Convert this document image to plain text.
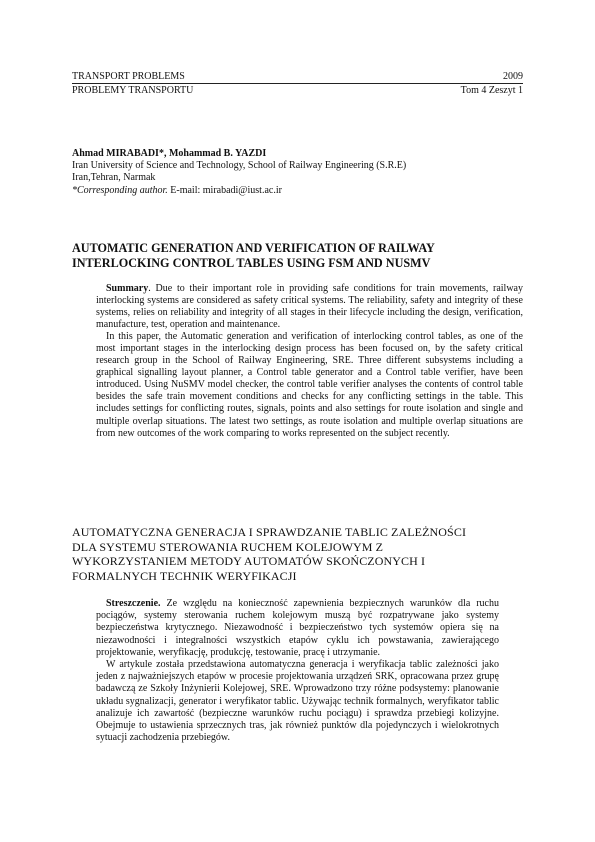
TRANSPORT PROBLEMS	2009
PROBLEMY TRANSPORTU	Tom 4 Zeszyt 1
Ahmad MIRABADI*, Mohammad B. YAZDI
Iran University of Science and Technology, School of Railway Engineering (S.R.E)
Iran,Tehran, Narmak
*Corresponding author. E-mail: mirabadi@iust.ac.ir
AUTOMATIC GENERATION AND VERIFICATION OF RAILWAY
INTERLOCKING CONTROL TABLES USING FSM AND NUSMV

Summary. Due to their important role in providing safe conditions for train movements, railway interlocking systems are considered as safety critical systems. The reliability, safety and integrity of these systems, relies on reliability and integrity of all stages in their lifecycle including the design, verification, manufacture, test, operation and maintenance.

In this paper, the Automatic generation and verification of interlocking control tables, as one of the most important stages in the interlocking design process has been focused on, by the safety critical research group in the School of Railway Engineering, SRE. Three different subsystems including a graphical signalling layout planner, a Control table generator and a Control table verifier, have been introduced. Using NuSMV model checker, the control table verifier analyses the contents of control table besides the safe train movement conditions and checks for any conflicting settings in the table. This includes settings for conflicting routes, signals, points and also settings for route isolation and single and multiple overlap situations. The latest two settings, as route isolation and multiple overlap situations are from new outcomes of the work comparing to works represented on the subject recently.

AUTOMATYCZNA GENERACJA I SPRAWDZANIE TABLIC ZALEŻNOŚCI
DLA SYSTEMU STEROWANIA RUCHEM KOLEJOWYM Z
WYKORZYSTANIEM METODY AUTOMATÓW SKOŃCZONYCH I
FORMALNYCH TECHNIK WERYFIKACJI

Streszczenie. Ze względu na konieczność zapewnienia bezpiecznych warunków dla ruchu pociągów, systemy sterowania ruchem kolejowym muszą być rozpatrywane jako systemy bezpieczeństwa krytycznego. Niezawodność i bezpieczeństwo tych systemów opiera się na niezawodności i integralności wszystkich etapów cyklu ich powstawania, zawierającego projektowanie, weryfikację, produkcję, testowanie, pracę i utrzymanie.

W artykule została przedstawiona automatyczna generacja i weryfikacja tablic zależności jako jeden z najważniejszych etapów w procesie projektowania urządzeń SRK, opracowana przez grupę badawczą ze Szkoły Inżynierii Kolejowej, SRE. Wprowadzono trzy różne podsystemy: planowanie układu sygnalizacji, generator i weryfikator tablic. Używając technik formalnych, weryfikator tablic analizuje ich zawartość (bezpieczne warunków ruchu pociągu) i sprawdza przebiegi kolizyjne. Obejmuje to ustawienia sprzecznych tras, jak również punktów dla pojedynczych i wielokrotnych sytuacji zachodzenia przebiegów.
